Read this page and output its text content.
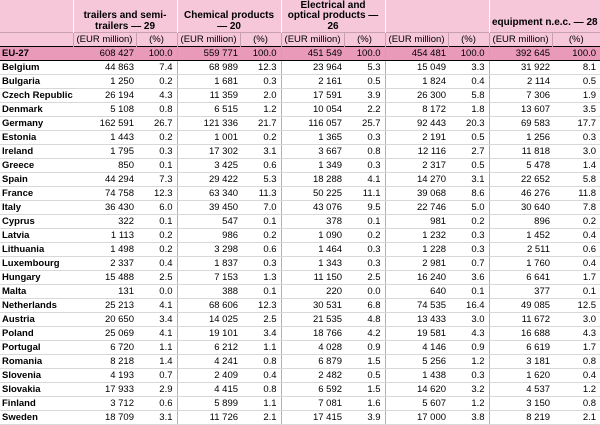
	trailers and semi-trailers — 29		Chemical products — 20		Electrical and optical products — 26				equipment n.e.c. — 28	

	(EUR million)	(%)	(EUR million)	(%)	(EUR million)	(%)	(EUR million)	(%)	(EUR million)	(%)
EU-27	608 427	100.0	559 771	100.0	451 549	100.0	454 481	100.0	392 645	100.0
Belgium	44 863	7.4	68 989	12.3	23 964	5.3	15 049	3.3	31 922	8.1
Bulgaria	1 250	0.2	1 681	0.3	2 161	0.5	1 824	0.4	2 114	0.5
Czech Republic	26 194	4.3	11 359	2.0	17 591	3.9	26 300	5.8	7 306	1.9
Denmark	5 108	0.8	6 515	1.2	10 054	2.2	8 172	1.8	13 607	3.5
Germany	162 591	26.7	121 336	21.7	116 057	25.7	92 443	20.3	69 583	17.7
Estonia	1 443	0.2	1 001	0.2	1 365	0.3	2 191	0.5	1 256	0.3
Ireland	1 795	0.3	17 302	3.1	3 667	0.8	12 116	2.7	11 818	3.0
Greece	850	0.1	3 425	0.6	1 349	0.3	2 317	0.5	5 478	1.4
Spain	44 294	7.3	29 422	5.3	18 288	4.1	14 270	3.1	22 652	5.8
France	74 758	12.3	63 340	11.3	50 225	11.1	39 068	8.6	46 276	11.8
Italy	36 430	6.0	39 450	7.0	43 076	9.5	22 746	5.0	30 640	7.8
Cyprus	322	0.1	547	0.1	378	0.1	981	0.2	896	0.2
Latvia	1 113	0.2	986	0.2	1 090	0.2	1 232	0.3	1 452	0.4
Lithuania	1 498	0.2	3 298	0.6	1 464	0.3	1 228	0.3	2 511	0.6
Luxembourg	2 337	0.4	1 837	0.3	1 343	0.3	2 981	0.7	1 760	0.4
Hungary	15 488	2.5	7 153	1.3	11 150	2.5	16 240	3.6	6 641	1.7
Malta	131	0.0	388	0.1	220	0.0	640	0.1	377	0.1
Netherlands	25 213	4.1	68 606	12.3	30 531	6.8	74 535	16.4	49 085	12.5
Austria	20 650	3.4	14 025	2.5	21 535	4.8	13 433	3.0	11 672	3.0
Poland	25 069	4.1	19 101	3.4	18 766	4.2	19 581	4.3	16 688	4.3
Portugal	6 720	1.1	6 212	1.1	4 028	0.9	4 146	0.9	6 619	1.7
Romania	8 218	1.4	4 241	0.8	6 879	1.5	5 256	1.2	3 181	0.8
Slovenia	4 193	0.7	2 409	0.4	2 482	0.5	1 438	0.3	1 620	0.4
Slovakia	17 933	2.9	4 415	0.8	6 592	1.5	14 620	3.2	4 537	1.2
Finland	3 712	0.6	5 899	1.1	7 081	1.6	5 607	1.2	3 150	0.8
Sweden	18 709	3.1	11 726	2.1	17 415	3.9	17 000	3.8	8 219	2.1
